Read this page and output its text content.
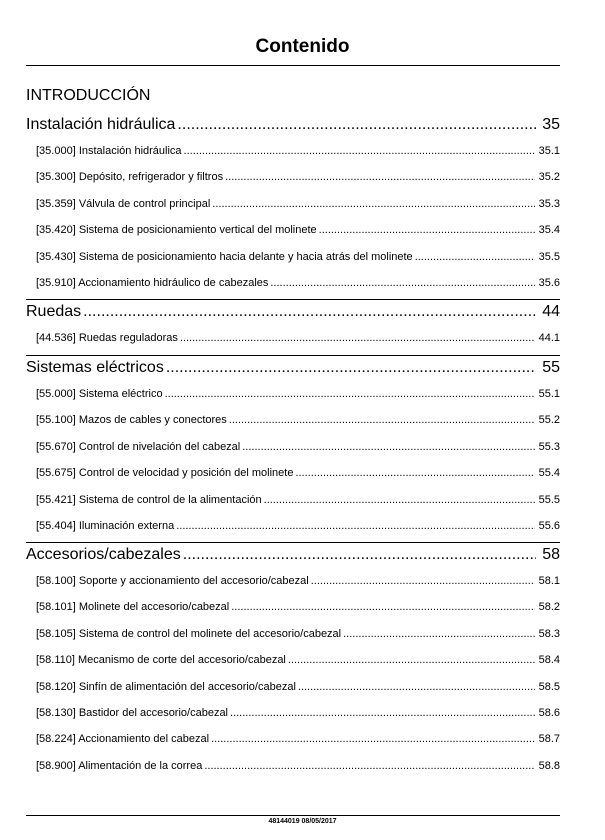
Contenido
INTRODUCCIÓN
Instalación hidráulica .....	35
[35.000] Instalación hidráulica .....	35.1
[35.300] Depósito, refrigerador y filtros .....	35.2
[35.359] Válvula de control principal .....	35.3
[35.420] Sistema de posicionamiento vertical del molinete .....	35.4
[35.430] Sistema de posicionamiento hacia delante y hacia atrás del molinete .....	35.5
[35.910] Accionamiento hidráulico de cabezales .....	35.6
Ruedas .....	44
[44.536] Ruedas reguladoras .....	44.1
Sistemas eléctricos .....	55
[55.000] Sistema eléctrico .....	55.1
[55.100] Mazos de cables y conectores .....	55.2
[55.670] Control de nivelación del cabezal .....	55.3
[55.675] Control de velocidad y posición del molinete .....	55.4
[55.421] Sistema de control de la alimentación .....	55.5
[55.404] Iluminación externa .....	55.6
Accesorios/cabezales .....	58
[58.100] Soporte y accionamiento del accesorio/cabezal .....	58.1
[58.101] Molinete del accesorio/cabezal .....	58.2
[58.105] Sistema de control del molinete del accesorio/cabezal .....	58.3
[58.110] Mecanismo de corte del accesorio/cabezal .....	58.4
[58.120] Sinfín de alimentación del accesorio/cabezal .....	58.5
[58.130] Bastidor del accesorio/cabezal .....	58.6
[58.224] Accionamiento del cabezal .....	58.7
[58.900] Alimentación de la correa .....	58.8
48144019 08/05/2017
